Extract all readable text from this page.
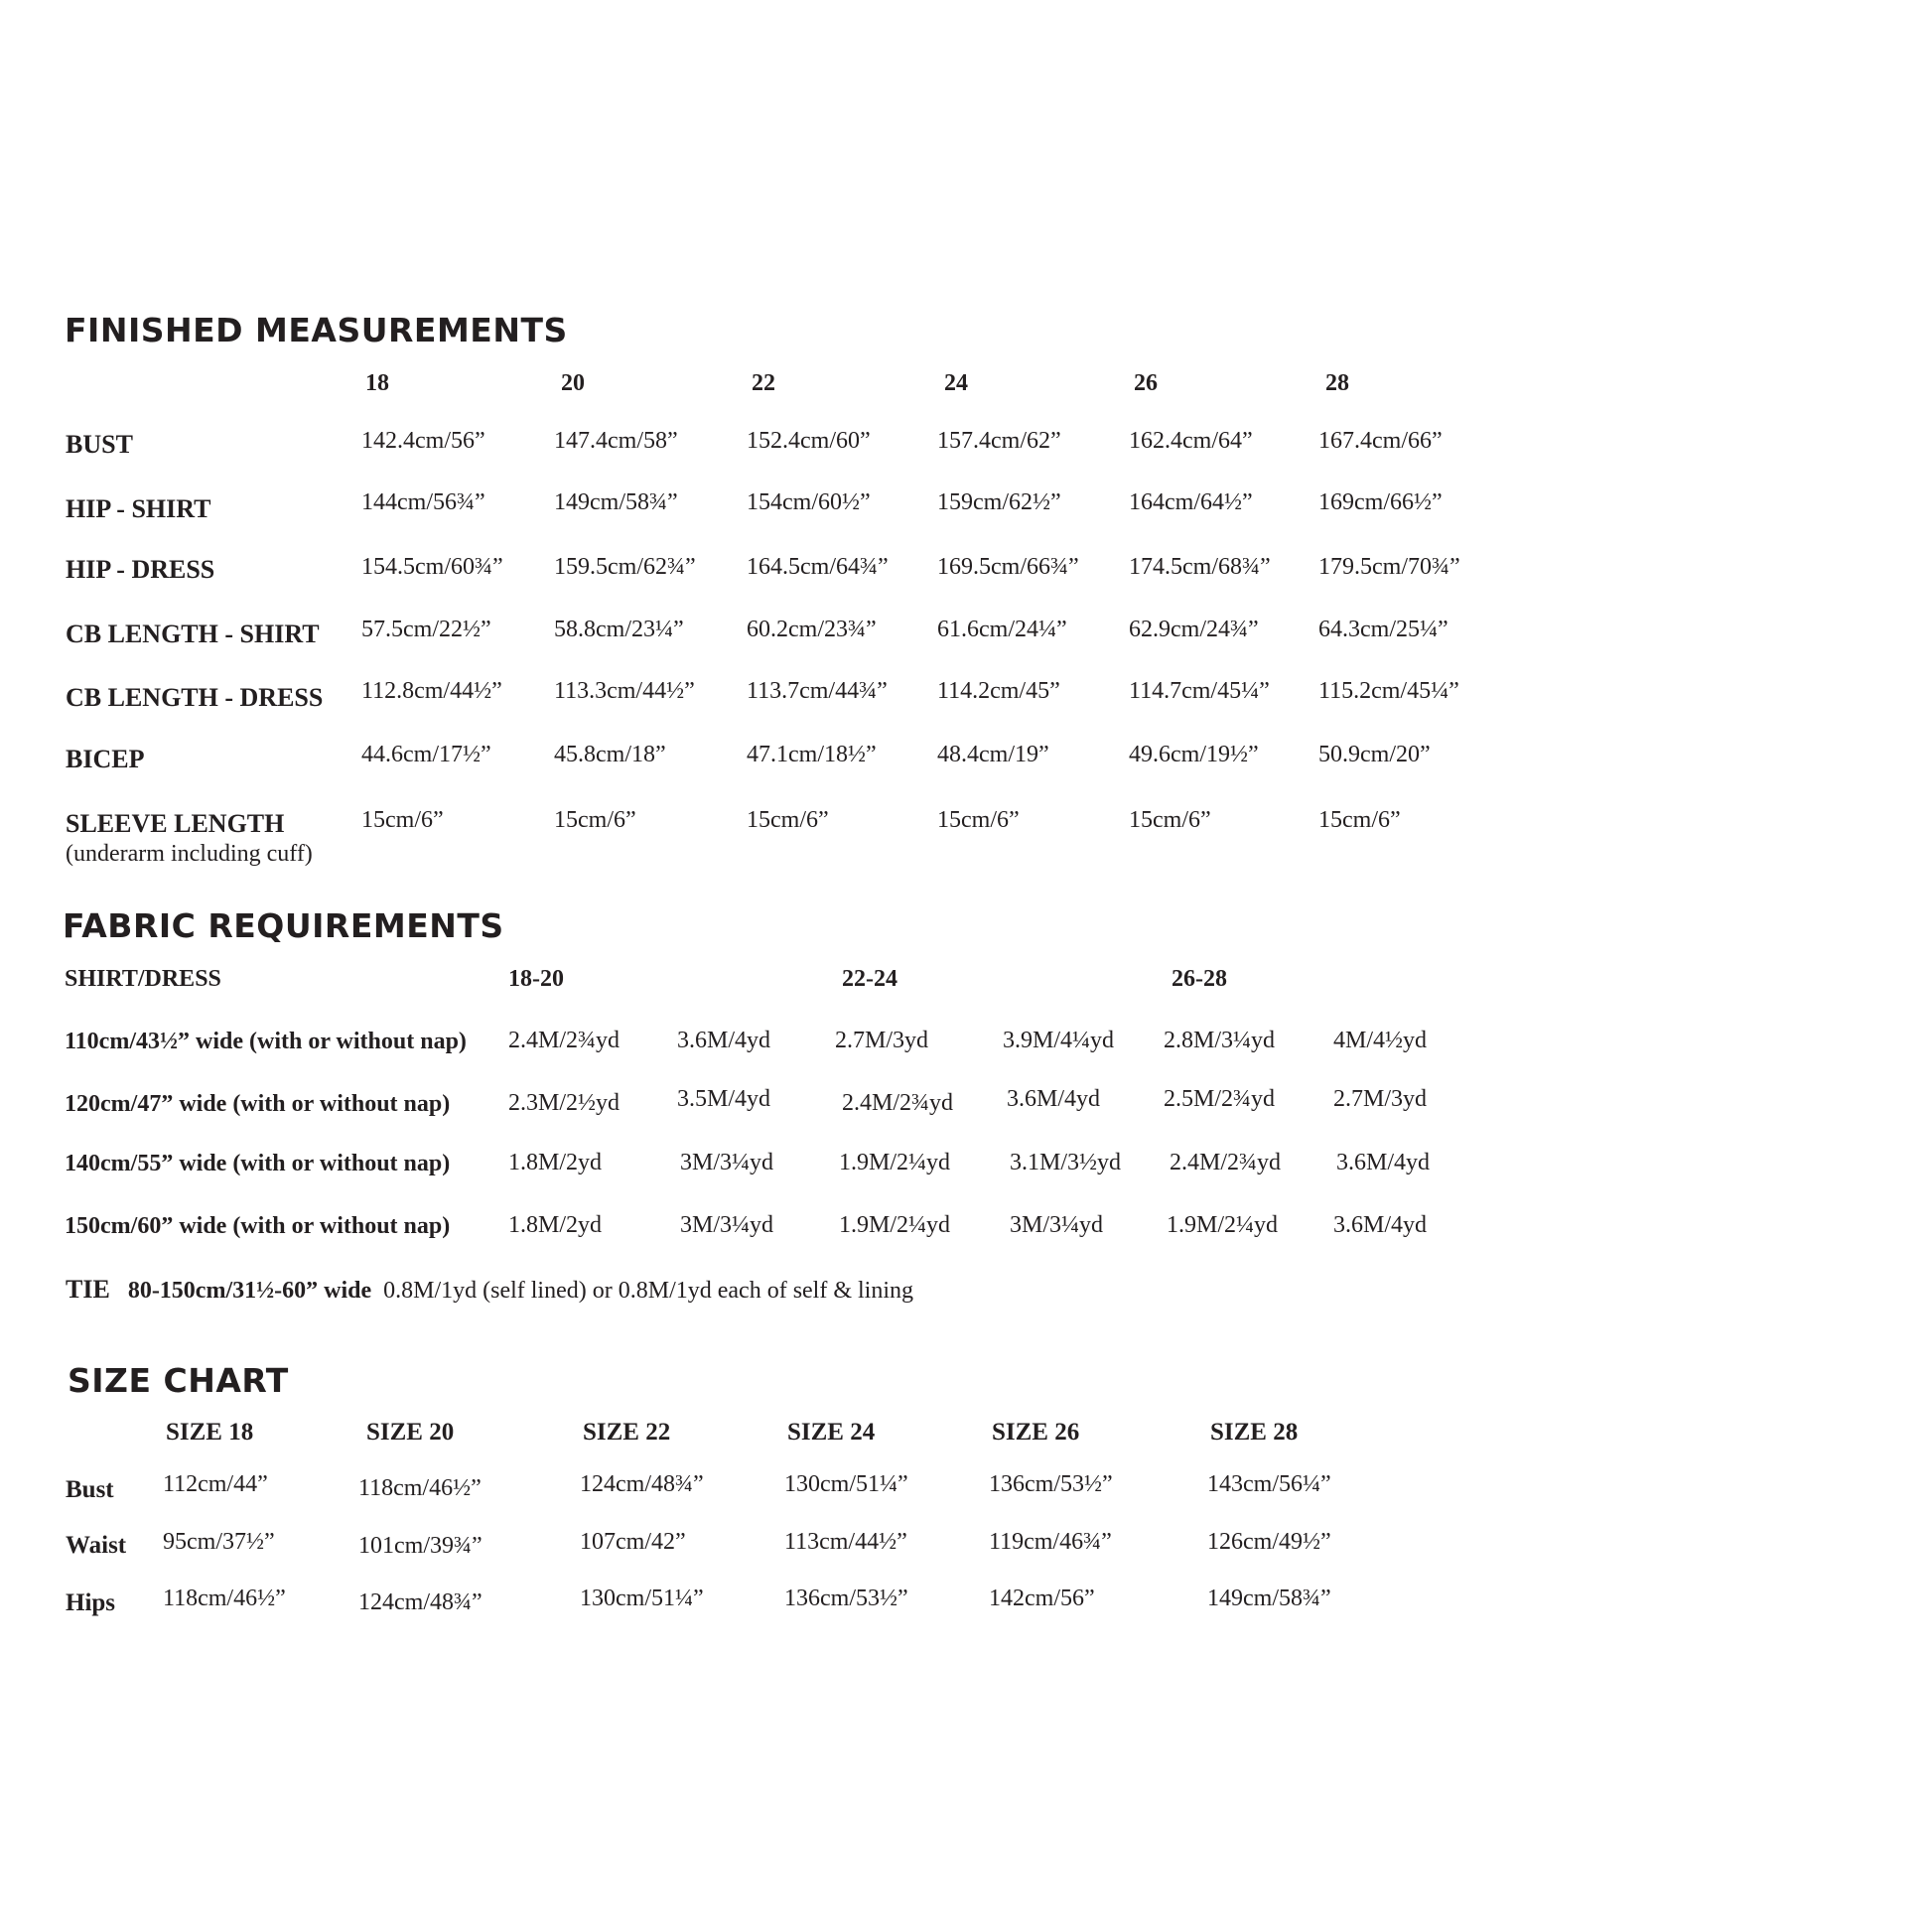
FINISHED MEASUREMENTS
18	20	22	24	26	28
BUST	142.4cm/56”	147.4cm/58”	152.4cm/60”	157.4cm/62”	162.4cm/64”	167.4cm/66”
HIP - SHIRT	144cm/56¾”	149cm/58¾”	154cm/60½”	159cm/62½”	164cm/64½”	169cm/66½”
HIP - DRESS	154.5cm/60¾” 159.5cm/62¾” 164.5cm/64¾” 169.5cm/66¾” 174.5cm/68¾” 179.5cm/70¾”
CB LENGTH - SHIRT 57.5cm/22½”	58.8cm/23¼”	60.2cm/23¾”	61.6cm/24¼”	62.9cm/24¾”	64.3cm/25¼”
CB LENGTH - DRESS 112.8cm/44½” 113.3cm/44½” 113.7cm/44¾” 114.2cm/45”	114.7cm/45¼” 115.2cm/45¼”
BICEP	44.6cm/17½”	45.8cm/18”	47.1cm/18½”	48.4cm/19”	49.6cm/19½”	50.9cm/20”
SLEEVE LENGTH
(underarm including cuff)
15cm/6”	15cm/6”	15cm/6”	15cm/6”	15cm/6”	15cm/6”
FABRIC REQUIREMENTS
SHIRT/DRESS	18-20	22-24	26-28
110cm/43½” wide (with or without nap) 2.4M/2¾yd 3.6M/4yd	2.7M/3yd	3.9M/4¼yd 2.8M/3¼yd 4M/4½yd
120cm/47” wide (with or without nap) 2.3M/2½yd 3.5M/4yd	2.4M/2¾yd 3.6M/4yd	2.5M/2¾yd 2.7M/3yd
140cm/55” wide (with or without nap) 1.8M/2yd	3M/3¼yd	1.9M/2¼yd 3.1M/3½yd 2.4M/2¾yd 3.6M/4yd
150cm/60” wide (with or without nap) 1.8M/2yd	3M/3¼yd	1.9M/2¼yd 3M/3¼yd	1.9M/2¼yd 3.6M/4yd
TIE 80-150cm/31½-60” wide 0.8M/1yd (self lined) or 0.8M/1yd each of self & lining
SIZE CHART
SIZE 18	SIZE 20	SIZE 22	SIZE 24	SIZE 26	SIZE 28
Bust 112cm/44”	118cm/46½”	124cm/48¾”	130cm/51¼”	136cm/53½”	143cm/56¼”
Waist 95cm/37½”	101cm/39¾”	107cm/42”	113cm/44½”	119cm/46¾”	126cm/49½”
Hips 118cm/46½”	124cm/48¾”	130cm/51¼”	136cm/53½”	142cm/56”	149cm/58¾”
